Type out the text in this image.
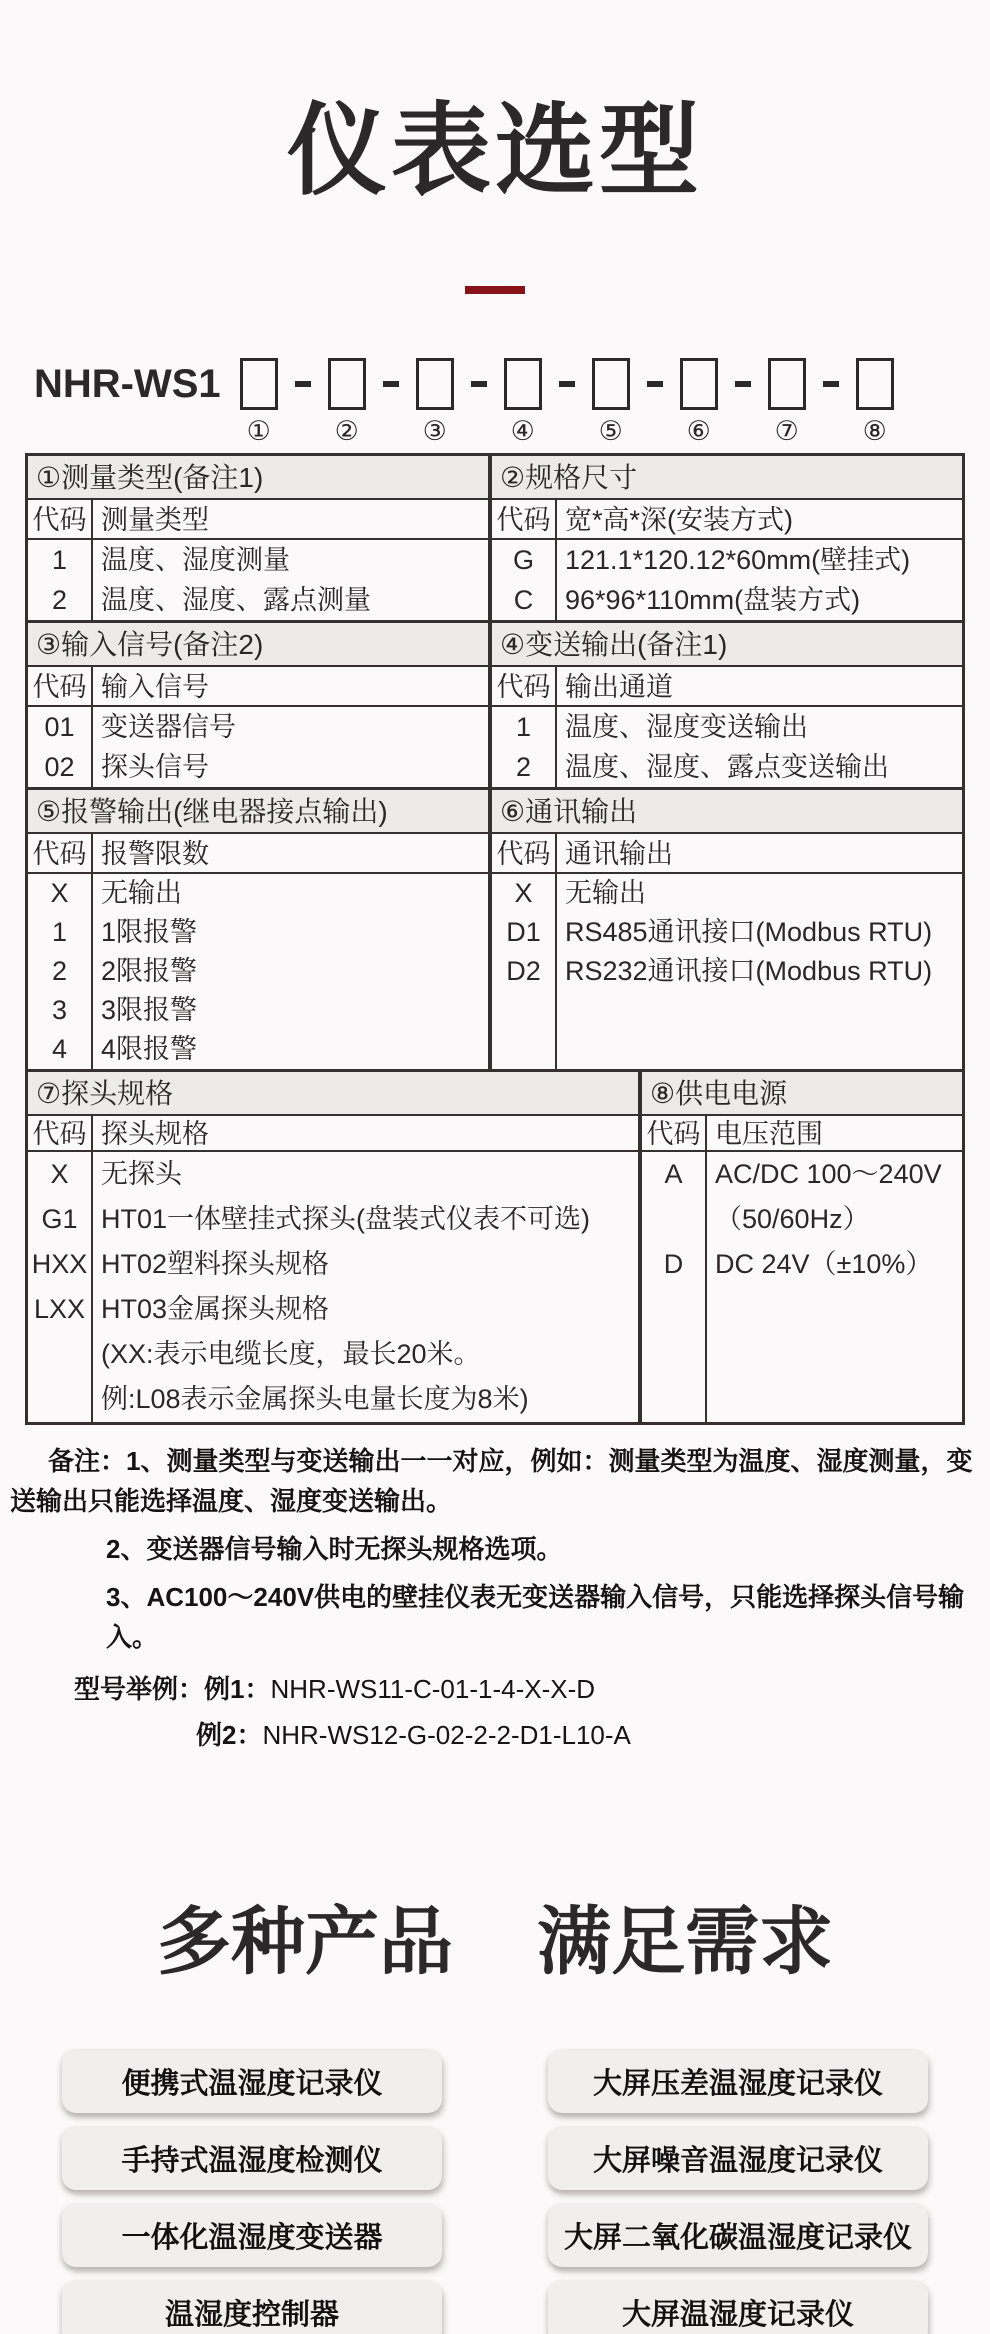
仪表选型
NHR-WS1
① ② ③ ④ ⑤ ⑥ ⑦ ⑧
①测量类型(备注1)
代码 测量类型
1
2
温度、湿度测量
温度、湿度、露点测量
②规格尺寸
代码 宽*高*深(安装方式)
G
C
121.1*120.12*60mm(壁挂式)
96*96*110mm(盘装方式)
③输入信号(备注2)
代码 输入信号
01
02
变送器信号
探头信号
④变送输出(备注1)
代码 输出通道
1
2
温度、湿度变送输出
温度、湿度、露点变送输出
⑤报警输出(继电器接点输出)
代码 报警限数
X
1
2
3
4
无输出
1限报警
2限报警
3限报警
4限报警
⑥通讯输出
代码 通讯输出
X
D1
D2
无输出
RS485通讯接口(Modbus RTU)
RS232通讯接口(Modbus RTU)
⑦探头规格
代码 探头规格
X
G1
HXX
LXX
无探头
HT01一体壁挂式探头(盘装式仪表不可选)
HT02塑料探头规格
HT03金属探头规格
(XX:表示电缆长度，最长20米。
例:L08表示金属探头电量长度为8米)
⑧供电电源
代码 电压范围
A
D
AC/DC 100～240V
（50/60Hz）
DC 24V（±10%）

备注：1、测量类型与变送输出一一对应，例如：测量类型为温度、湿度测量，变送输出只能选择温度、湿度变送输出。

2、变送器信号输入时无探头规格选项。

3、AC100～240V供电的壁挂仪表无变送器输入信号，只能选择探头信号输入。

型号举例：例1：NHR-WS11-C-01-1-4-X-X-D

例2：NHR-WS12-G-02-2-2-D1-L10-A

多种产品 满足需求
便携式温湿度记录仪
手持式温湿度检测仪
一体化温湿度变送器
温湿度控制器
大屏压差温湿度记录仪
大屏噪音温湿度记录仪
大屏二氧化碳温湿度记录仪
大屏温湿度记录仪
